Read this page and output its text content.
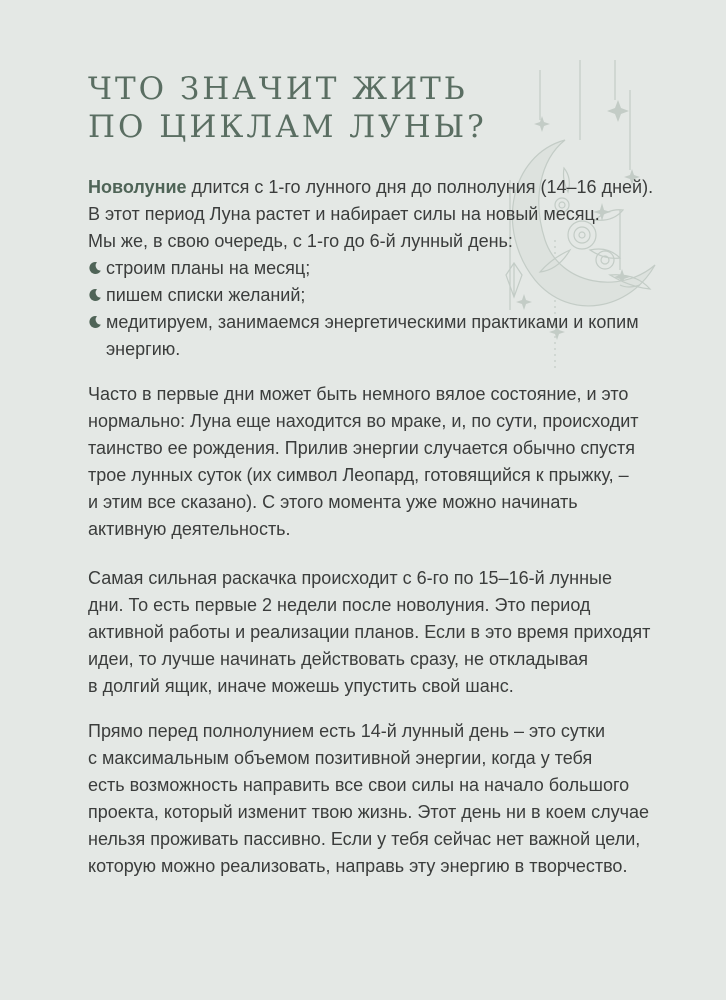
ЧТО ЗНАЧИТ ЖИТЬ
ПО ЦИКЛАМ ЛУНЫ?
Новолуние длится с 1-го лунного дня до полнолуния (14–16 дней).
В этот период Луна растет и набирает силы на новый месяц.
Мы же, в свою очередь, с 1-го до 6-й лунный день:
строим планы на месяц;
пишем списки желаний;
медитируем, занимаемся энергетическими практиками и копим
энергию.
Часто в первые дни может быть немного вялое состояние, и это
нормально: Луна еще находится во мраке, и, по сути, происходит
таинство ее рождения. Прилив энергии случается обычно спустя
трое лунных суток (их символ Леопард, готовящийся к прыжку, –
и этим все сказано). С этого момента уже можно начинать
активную деятельность.
Самая сильная раскачка происходит с 6-го по 15–16-й лунные
дни. То есть первые 2 недели после новолуния. Это период
активной работы и реализации планов. Если в это время приходят
идеи, то лучше начинать действовать сразу, не откладывая
в долгий ящик, иначе можешь упустить свой шанс.
Прямо перед полнолунием есть 14-й лунный день – это сутки
с максимальным объемом позитивной энергии, когда у тебя
есть возможность направить все свои силы на начало большого
проекта, который изменит твою жизнь. Этот день ни в коем случае
нельзя проживать пассивно. Если у тебя сейчас нет важной цели,
которую можно реализовать, направь эту энергию в творчество.
